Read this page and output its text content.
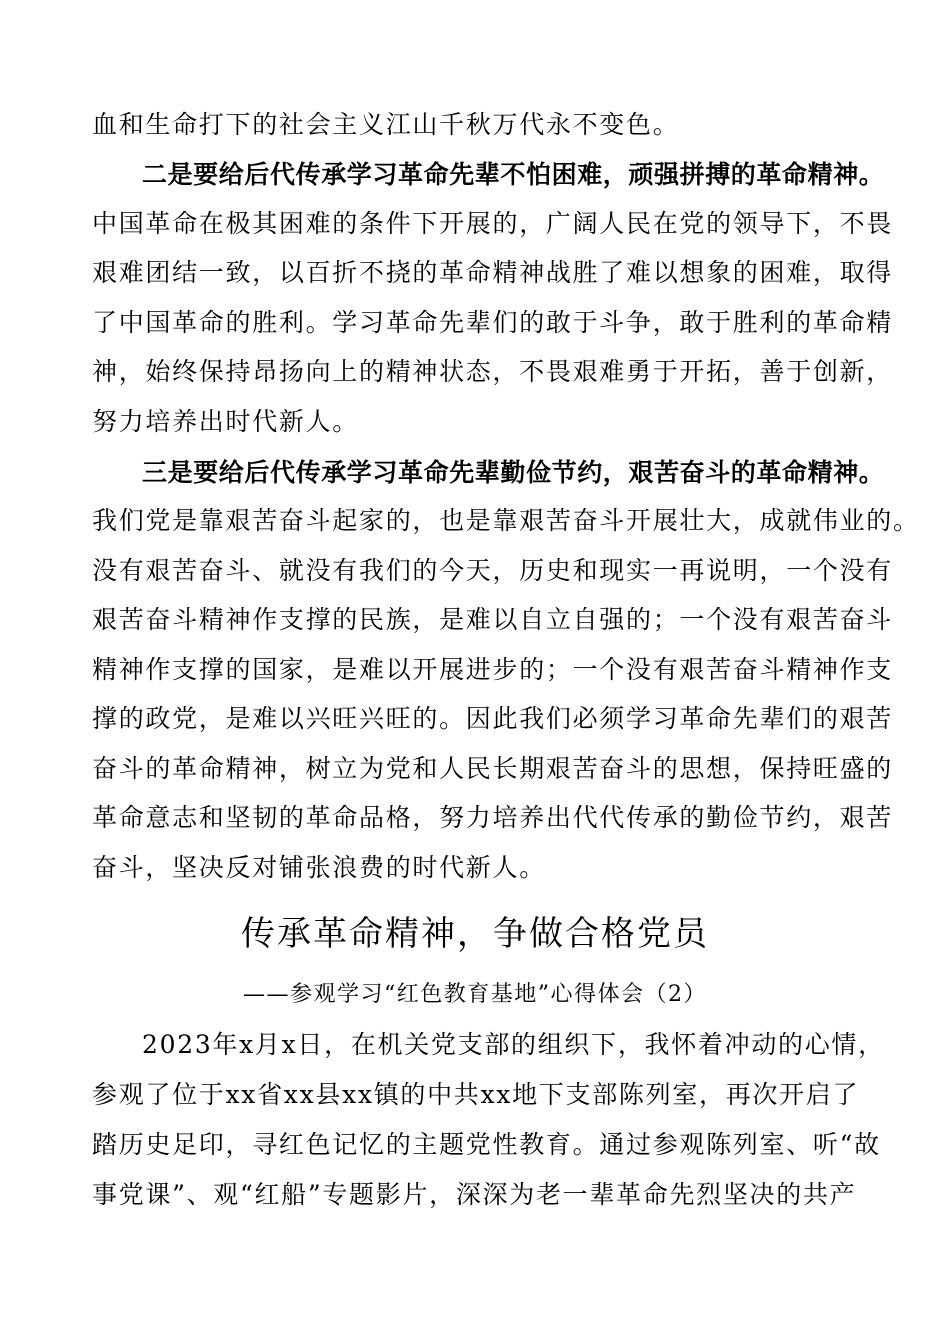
血和生命打下的社会主义江山千秋万代永不变色。
二是要给后代传承学习革命先辈不怕困难，顽强拼搏的革命精神。
中国革命在极其困难的条件下开展的，广阔人民在党的领导下，不畏
艰难团结一致，以百折不挠的革命精神战胜了难以想象的困难，取得
了中国革命的胜利。学习革命先辈们的敢于斗争，敢于胜利的革命精
神，始终保持昂扬向上的精神状态，不畏艰难勇于开拓，善于创新，
努力培养出时代新人。
三是要给后代传承学习革命先辈勤俭节约，艰苦奋斗的革命精神。
我们党是靠艰苦奋斗起家的，也是靠艰苦奋斗开展壮大，成就伟业的。
没有艰苦奋斗、就没有我们的今天，历史和现实一再说明，一个没有
艰苦奋斗精神作支撑的民族，是难以自立自强的；一个没有艰苦奋斗
精神作支撑的国家，是难以开展进步的；一个没有艰苦奋斗精神作支
撑的政党，是难以兴旺兴旺的。因此我们必须学习革命先辈们的艰苦
奋斗的革命精神，树立为党和人民长期艰苦奋斗的思想，保持旺盛的
革命意志和坚韧的革命品格，努力培养出代代传承的勤俭节约，艰苦
奋斗，坚决反对铺张浪费的时代新人。
传承革命精神，争做合格党员
——参观学习“红色教育基地”心得体会（2）
2023年x月x日，在机关党支部的组织下，我怀着冲动的心情，
参观了位于xx省xx县xx镇的中共xx地下支部陈列室，再次开启了
踏历史足印，寻红色记忆的主题党性教育。通过参观陈列室、听“故
事党课”、观“红船”专题影片，深深为老一辈革命先烈坚决的共产
